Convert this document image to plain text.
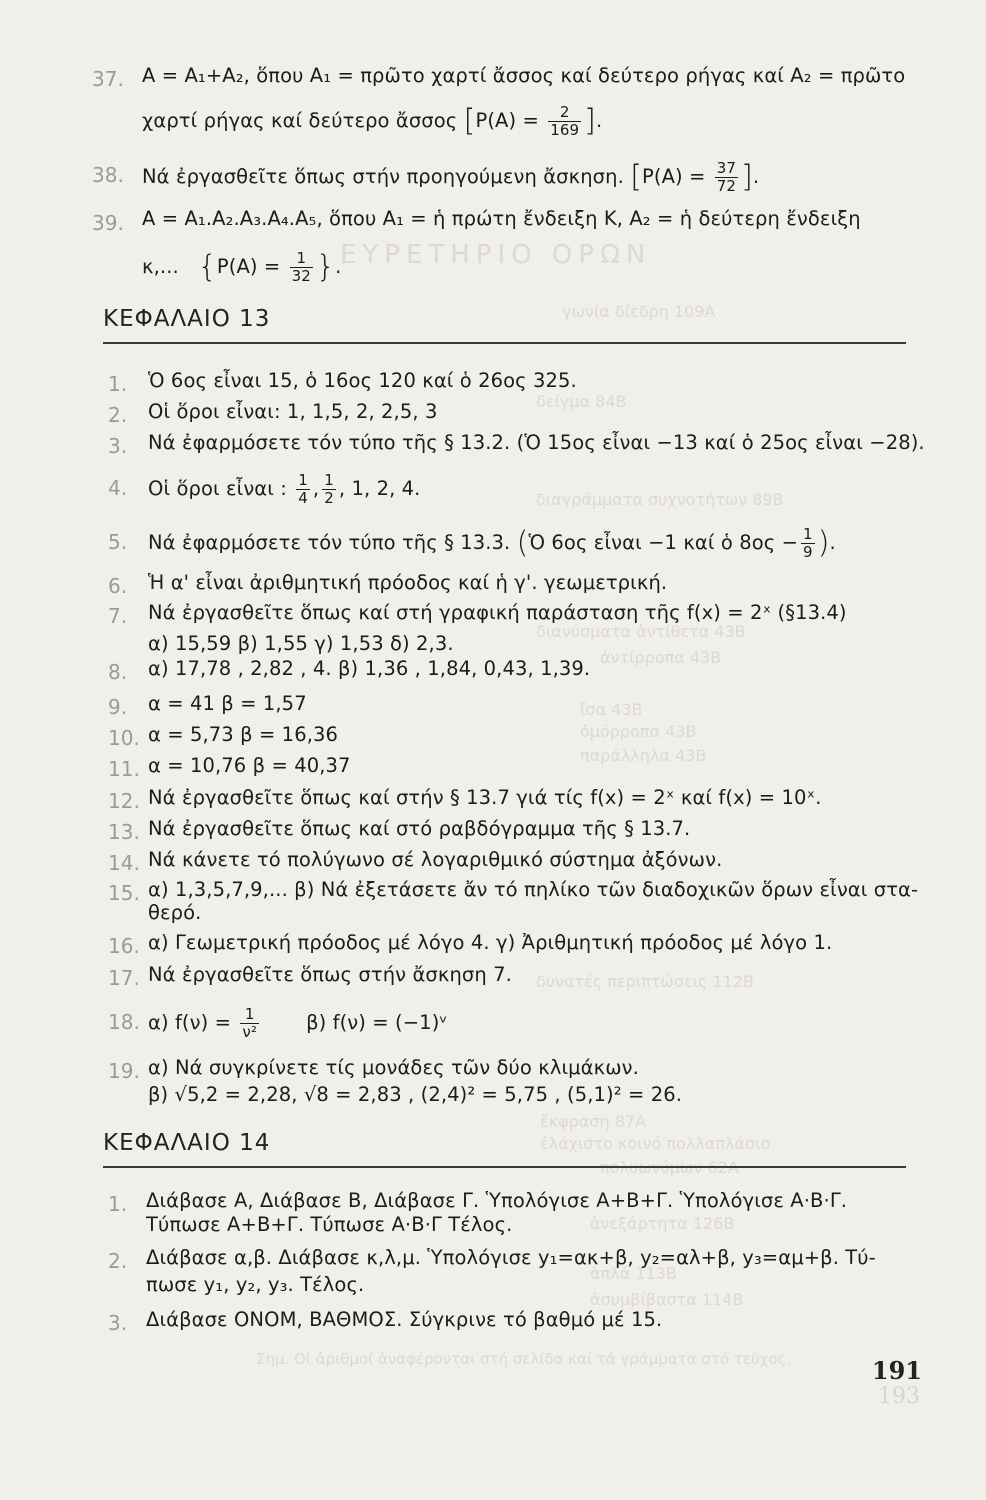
ΕΥΡΕΤΗΡΙΟ ΟΡΩΝ
γωνία δίεδρη 109Α
δείγμα 84Β
διαγράμματα συχνοτήτων 89Β
διανύσματα ἀντίθετα 43Β
ἀντίρροπα 43Β
ἴσα 43Β
ὁμόρροπα 43Β
παράλληλα 43Β
ἔκφραση 87Α
ἐλάχιστο κοινό πολλαπλάσιο
ἀνεξάρτητα 126Β
ἁπλά 113Β
ἀσυμβίβαστα 114Β
δυνατές περιπτώσεις 112Β
Σημ. Οἱ ἀριθμοί ἀναφέρονται στή σελίδα καί τά γράμματα στό τεῦχος.
37. A = A₁+A₂, ὅπου A₁ = πρῶτο χαρτί ἄσσος καί δεύτερο ρήγας καί A₂ = πρῶτο
χαρτί ρήγας καί δεύτερο ἄσσος [$P(A) = \frac{2}{169}$ ].
38. Νά ἐργασθεῖτε ὅπως στήν προηγούμενη ἄσκηση. [$P(A) = \frac{37}{72}$ ].
39. A = A₁.A₂.A₃.A₄.A₅, ὅπου A₁ = ἡ πρώτη ἔνδειξη Κ, A₂ = ἡ δεύτερη ἔνδειξη
κ,... {$P(A) = \frac{1}{32}$ }.
ΚΕΦΑΛΑΙΟ 13
ΚΕΦΑΛΑΙΟ 14
191
193
1. Ὁ 6ος εἶναι 15, ὁ 16ος 120 καί ὁ 26ος 325.
2. Οἱ ὅροι εἶναι: 1, 1,5, 2, 2,5, 3
3. Νά ἐφαρμόσετε τόν τύπο τῆς § 13.2. (Ὁ 15ος εἶναι −13 καί ὁ 25ος εἶναι −28).
4. Οἱ ὅροι εἶναι : $\frac{1}{4}$ , $\frac{1}{2}$ , 1, 2, 4.
5. Νά ἐφαρμόσετε τόν τύπο τῆς § 13.3. (Ὁ 6ος εἶναι −1 καί ὁ $8o\varsigma - \frac{1}{9}$ ).
6. Ἡ α' εἶναι ἀριθμητική πρόοδος καί ἡ γ'. γεωμετρική.
7. Νά ἐργασθεῖτε ὅπως καί στή γραφική παράσταση τῆς f(x) = 2ˣ (§13.4)
α) 15,59 β) 1,55 γ) 1,53 δ) 2,3.
8. α) 17,78 , 2,82 , 4. β) 1,36 , 1,84, 0,43, 1,39.
9. α = 41 β = 1,57
10. α = 5,73 β = 16,36
11. α = 10,76 β = 40,37
12. Νά ἐργασθεῖτε ὅπως καί στήν § 13.7 γιά τίς f(x) = 2ˣ καί f(x) = 10ˣ.
13. Νά ἐργασθεῖτε ὅπως καί στό ραβδόγραμμα τῆς § 13.7.
14. Νά κάνετε τό πολύγωνο σέ λογαριθμικό σύστημα ἀξόνων.
15. α) 1,3,5,7,9,... β) Νά ἐξετάσετε ἄν τό πηλίκο τῶν διαδοχικῶν ὅρων εἶναι στα-
θερό.
16. α) Γεωμετρική πρόοδος μέ λόγο 4. γ) Ἀριθμητική πρόοδος μέ λόγο 1.
17. Νά ἐργασθεῖτε ὅπως στήν ἄσκηση 7.
18. α) $f(\nu) = \frac{1}{\text{ν²}} \beta$) f(ν) = (−1)ᵛ
19. α) Νά συγκρίνετε τίς μονάδες τῶν δύο κλιμάκων.
β) √5,2 = 2,28, √8 = 2,83 , (2,4)² = 5,75 , (5,1)² = 26.
1. Διάβασε Α, Διάβασε Β, Διάβασε Γ. Ὑπολόγισε Α+Β+Γ. Ὑπολόγισε Α·Β·Γ.
Τύπωσε Α+Β+Γ. Τύπωσε Α·Β·Γ Τέλος.
2. Διάβασε α,β. Διάβασε κ,λ,μ. Ὑπολόγισε y₁=ακ+β, y₂=αλ+β, y₃=αμ+β. Τύ-
πωσε y₁, y₂, y₃. Τέλος.
3. Διάβασε ΟΝΟΜ, ΒΑΘΜΟΣ. Σύγκρινε τό βαθμό μέ 15.
